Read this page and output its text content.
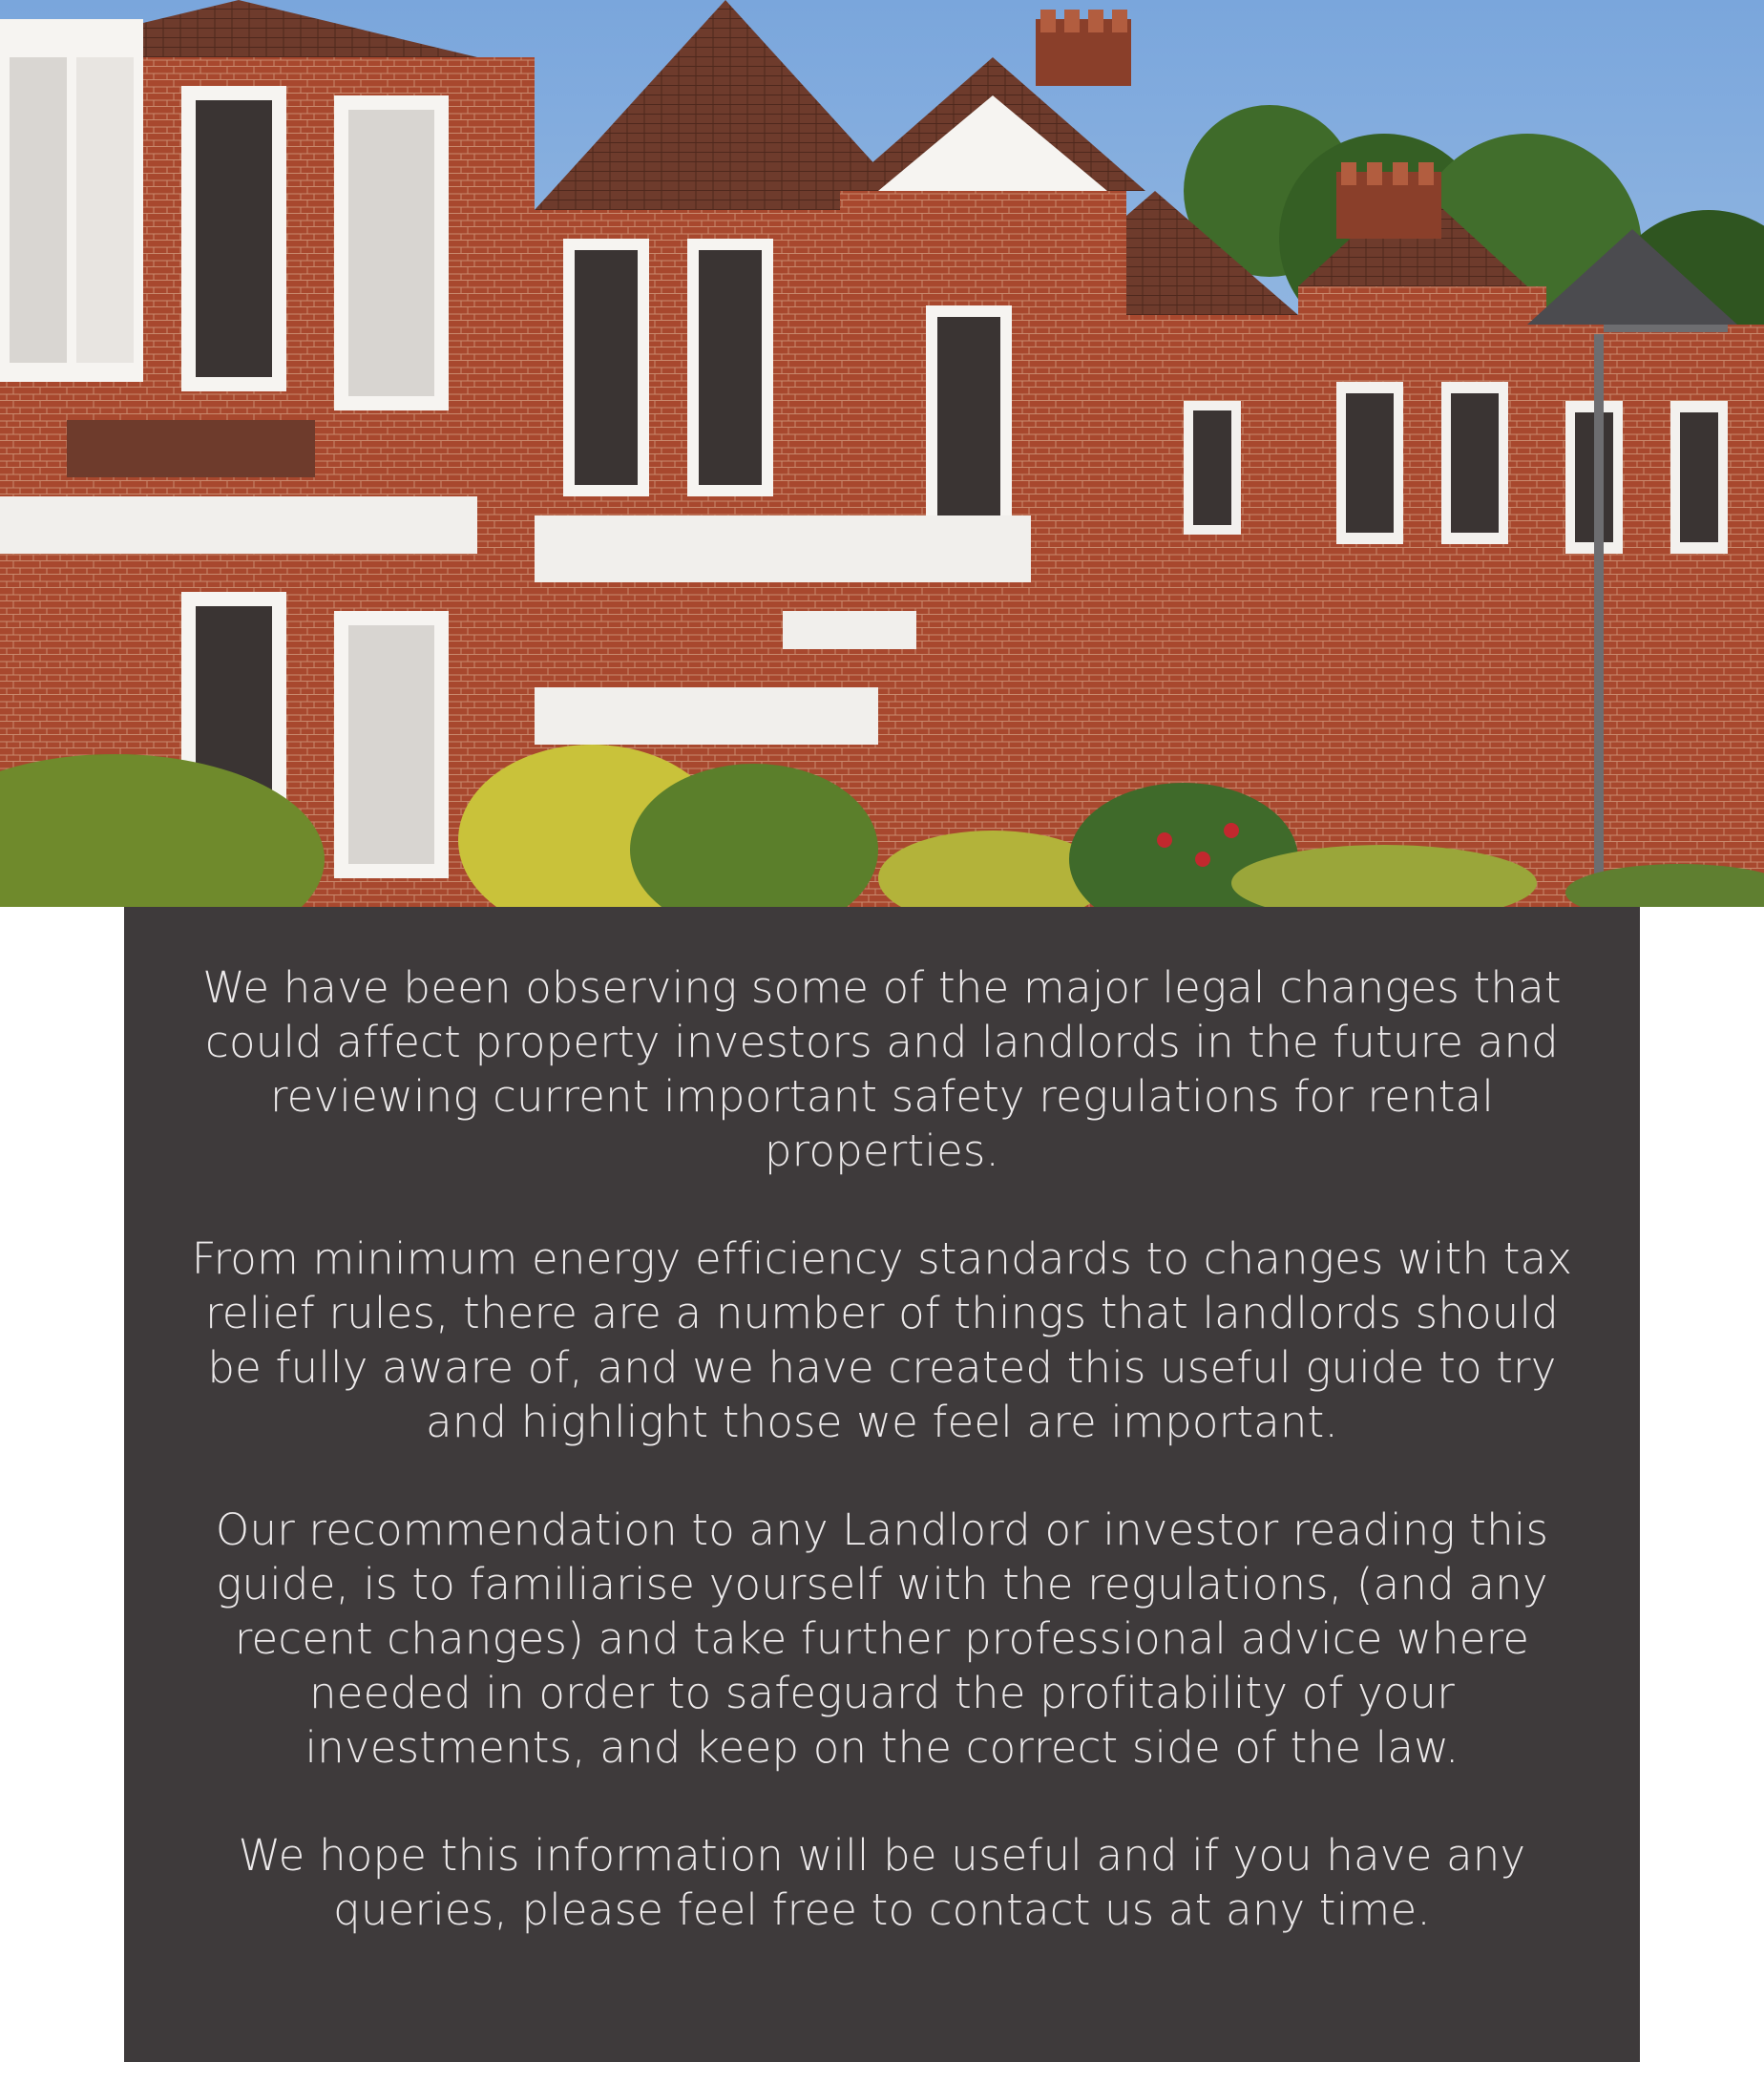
We have been observing some of the major legal changes that could affect property investors and landlords in the future and reviewing current important safety regulations for rental properties.

From minimum energy efficiency standards to changes with tax relief rules, there are a number of things that landlords should be fully aware of, and we have created this useful guide to try and highlight those we feel are important.

Our recommendation to any Landlord or investor reading this guide, is to familiarise yourself with the regulations, (and any recent changes) and take further professional advice where needed in order to safeguard the profitability of your investments, and keep on the correct side of the law.

We hope this information will be useful and if you have any queries, please feel free to contact us at any time.
